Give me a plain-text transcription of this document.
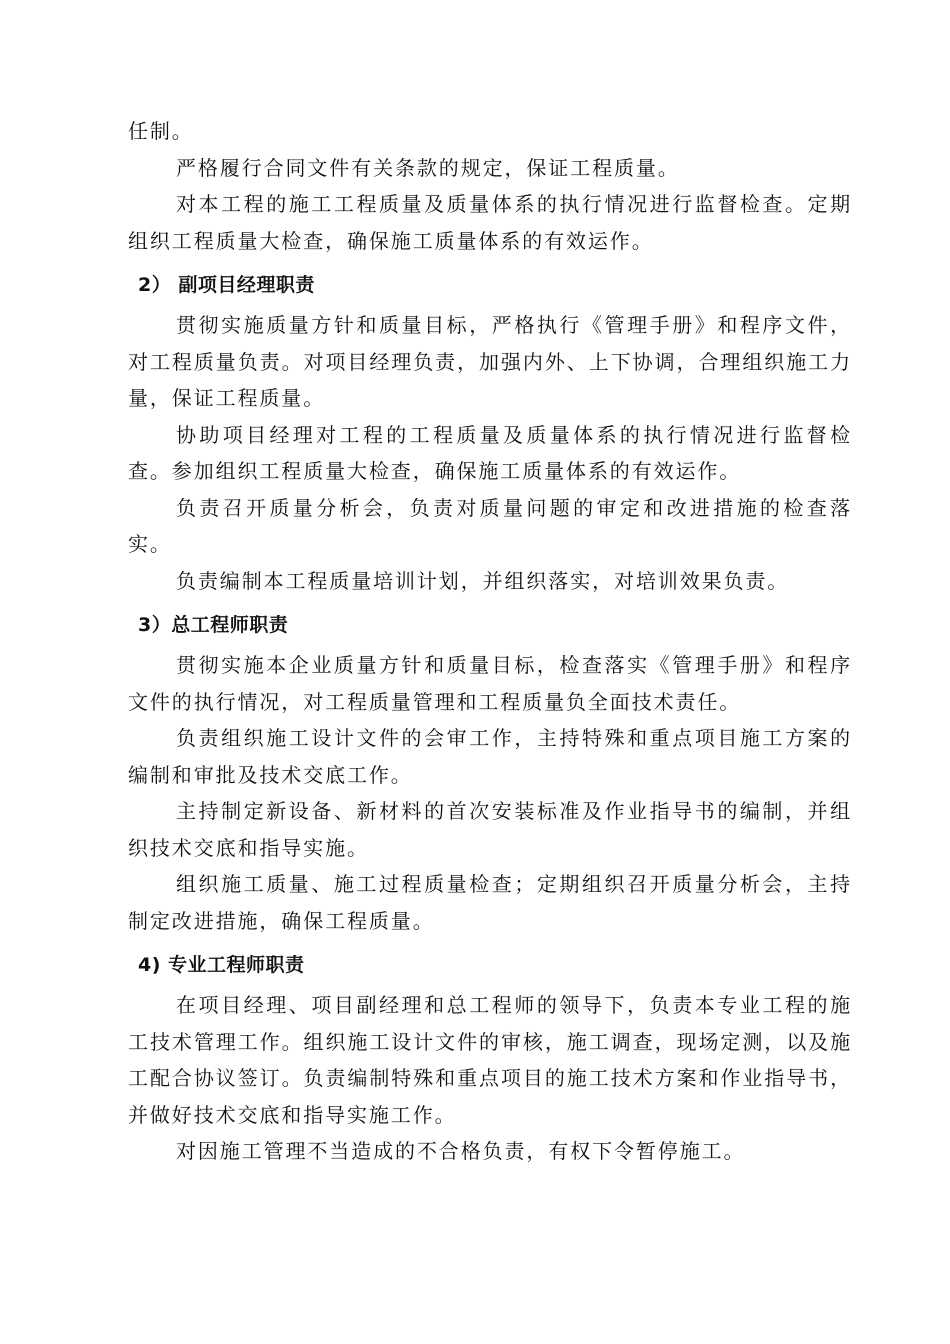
任制。

严格履行合同文件有关条款的规定，保证工程质量。

对本工程的施工工程质量及质量体系的执行情况进行监督检查。定期组织工程质量大检查，确保施工质量体系的有效运作。

2） 副项目经理职责

贯彻实施质量方针和质量目标，严格执行《管理手册》和程序文件，对工程质量负责。对项目经理负责，加强内外、上下协调，合理组织施工力量，保证工程质量。

协助项目经理对工程的工程质量及质量体系的执行情况进行监督检查。参加组织工程质量大检查，确保施工质量体系的有效运作。

负责召开质量分析会，负责对质量问题的审定和改进措施的检查落实。

负责编制本工程质量培训计划，并组织落实，对培训效果负责。

3）总工程师职责

贯彻实施本企业质量方针和质量目标，检查落实《管理手册》和程序文件的执行情况，对工程质量管理和工程质量负全面技术责任。

负责组织施工设计文件的会审工作，主持特殊和重点项目施工方案的编制和审批及技术交底工作。

主持制定新设备、新材料的首次安装标准及作业指导书的编制，并组织技术交底和指导实施。

组织施工质量、施工过程质量检查；定期组织召开质量分析会，主持制定改进措施，确保工程质量。

4) 专业工程师职责

在项目经理、项目副经理和总工程师的领导下，负责本专业工程的施工技术管理工作。组织施工设计文件的审核，施工调查，现场定测，以及施工配合协议签订。负责编制特殊和重点项目的施工技术方案和作业指导书，并做好技术交底和指导实施工作。

对因施工管理不当造成的不合格负责，有权下令暂停施工。
